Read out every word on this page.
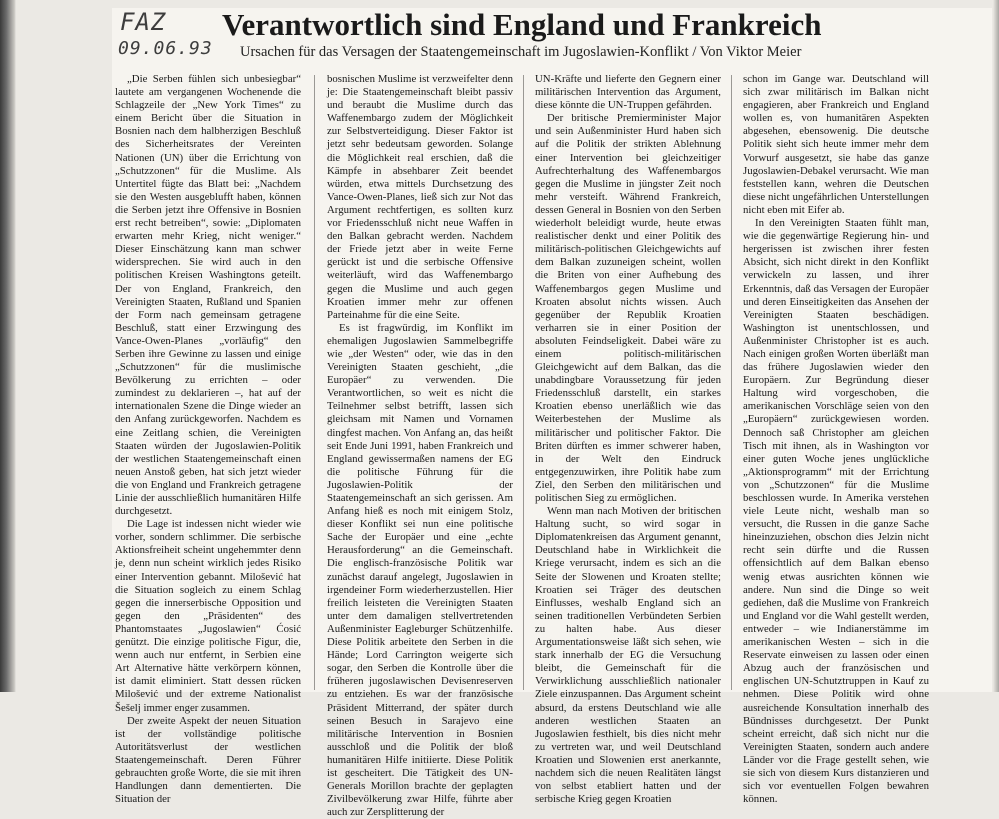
FAZ
09.06.93
Verantwortlich sind England und Frankreich
Ursachen für das Versagen der Staatengemeinschaft im Jugoslawien-Konflikt / Von Viktor Meier

„Die Serben fühlen sich unbesiegbar“ lautete am vergangenen Wochenende die Schlagzeile der „New York Times“ zu einem Bericht über die Situation in Bosnien nach dem halbherzigen Beschluß des Sicherheitsrates der Vereinten Nationen (UN) über die Errichtung von „Schutzzonen“ für die Muslime. Als Untertitel fügte das Blatt bei: „Nachdem sie den Westen ausgeblufft haben, können die Serben jetzt ihre Offensive in Bosnien erst recht betreiben“, sowie: „Diplomaten erwarten mehr Krieg, nicht weniger.“ Dieser Einschätzung kann man schwer widersprechen. Sie wird auch in den politischen Kreisen Washingtons geteilt. Der von England, Frankreich, den Vereinigten Staaten, Rußland und Spanien der Form nach gemeinsam getragene Beschluß, statt einer Erzwingung des Vance-Owen-Planes „vorläufig“ den Serben ihre Gewinne zu lassen und einige „Schutzzonen“ für die muslimische Bevölkerung zu errichten – oder zumindest zu deklarieren –, hat auf der internationalen Szene die Dinge wieder an den Anfang zurückgeworfen. Nachdem es eine Zeitlang schien, die Vereinigten Staaten würden der Jugoslawien-Politik der westlichen Staatengemeinschaft einen neuen Anstoß geben, hat sich jetzt wieder die von England und Frankreich getragene Linie der ausschließlich humanitären Hilfe durchgesetzt.

Die Lage ist indessen nicht wieder wie vorher, sondern schlimmer. Die serbische Aktionsfreiheit scheint ungehemmter denn je, denn nun scheint wirklich jedes Risiko einer Intervention gebannt. Milošević hat die Situation sogleich zu einem Schlag gegen die innerserbische Opposition und gegen den „Präsidenten“ des Phantomstaates „Jugoslawien“ Ćosić genützt. Die einzige politische Figur, die, wenn auch nur entfernt, in Serbien eine Art Alternative hätte verkörpern können, ist damit eliminiert. Statt dessen rücken Milošević und der extreme Nationalist Šešelj immer enger zusammen.

Der zweite Aspekt der neuen Situation ist der vollständige politische Autoritätsverlust der westlichen Staatengemeinschaft. Deren Führer gebrauchten große Worte, die sie mit ihren Handlungen dann dementierten. Die Situation der

bosnischen Muslime ist verzweifelter denn je: Die Staatengemeinschaft bleibt passiv und beraubt die Muslime durch das Waffenembargo zudem der Möglichkeit zur Selbstverteidigung. Dieser Faktor ist jetzt sehr bedeutsam geworden. Solange die Möglichkeit real erschien, daß die Kämpfe in absehbarer Zeit beendet würden, etwa mittels Durchsetzung des Vance-Owen-Planes, ließ sich zur Not das Argument rechtfertigen, es sollten kurz vor Friedensschluß nicht neue Waffen in den Balkan gebracht werden. Nachdem der Friede jetzt aber in weite Ferne gerückt ist und die serbische Offensive weiterläuft, wird das Waffenembargo gegen die Muslime und auch gegen Kroatien immer mehr zur offenen Parteinahme für die eine Seite.

Es ist fragwürdig, im Konflikt im ehemaligen Jugoslawien Sammelbegriffe wie „der Westen“ oder, wie das in den Vereinigten Staaten geschieht, „die Europäer“ zu verwenden. Die Verantwortlichen, so weit es nicht die Teilnehmer selbst betrifft, lassen sich gleichsam mit Namen und Vornamen dingfest machen. Von Anfang an, das heißt seit Ende Juni 1991, haben Frankreich und England gewissermaßen namens der EG die politische Führung für die Jugoslawien-Politik der Staatengemeinschaft an sich gerissen. Am Anfang hieß es noch mit einigem Stolz, dieser Konflikt sei nun eine politische Sache der Europäer und eine „echte Herausforderung“ an die Gemeinschaft. Die englisch-französische Politik war zunächst darauf angelegt, Jugoslawien in irgendeiner Form wiederherzustellen. Hier freilich leisteten die Vereinigten Staaten unter dem damaligen stellvertretenden Außenminister Eagleburger Schützenhilfe. Diese Politik arbeitete den Serben in die Hände; Lord Carrington weigerte sich sogar, den Serben die Kontrolle über die früheren jugoslawischen Devisenreserven zu entziehen. Es war der französische Präsident Mitterrand, der später durch seinen Besuch in Sarajevo eine militärische Intervention in Bosnien ausschloß und die Politik der bloß humanitären Hilfe initiierte. Diese Politik ist gescheitert. Die Tätigkeit des UN-Generals Morillon brachte der geplagten Zivilbevölkerung zwar Hilfe, führte aber auch zur Zersplitterung der

UN-Kräfte und lieferte den Gegnern einer militärischen Intervention das Argument, diese könnte die UN-Truppen gefährden.

Der britische Premierminister Major und sein Außenminister Hurd haben sich auf die Politik der strikten Ablehnung einer Intervention bei gleichzeitiger Aufrechterhaltung des Waffenembargos gegen die Muslime in jüngster Zeit noch mehr versteift. Während Frankreich, dessen General in Bosnien von den Serben wiederholt beleidigt wurde, heute etwas realistischer denkt und einer Politik des militärisch-politischen Gleichgewichts auf dem Balkan zuzuneigen scheint, wollen die Briten von einer Aufhebung des Waffenembargos gegen Muslime und Kroaten absolut nichts wissen. Auch gegenüber der Republik Kroatien verharren sie in einer Position der absoluten Feindseligkeit. Dabei wäre zu einem politisch-militärischen Gleichgewicht auf dem Balkan, das die unabdingbare Voraussetzung für jeden Friedensschluß darstellt, ein starkes Kroatien ebenso unerläßlich wie das Weiterbestehen der Muslime als militärischer und politischer Faktor. Die Briten dürften es immer schwerer haben, in der Welt den Eindruck entgegenzuwirken, ihre Politik habe zum Ziel, den Serben den militärischen und politischen Sieg zu ermöglichen.

Wenn man nach Motiven der britischen Haltung sucht, so wird sogar in Diplomatenkreisen das Argument genannt, Deutschland habe in Wirklichkeit die Kriege verursacht, indem es sich an die Seite der Slowenen und Kroaten stellte; Kroatien sei Träger des deutschen Einflusses, weshalb England sich an seinen traditionellen Verbündeten Serbien zu halten habe. Aus dieser Argumentationsweise läßt sich sehen, wie stark innerhalb der EG die Versuchung bleibt, die Gemeinschaft für die Verwirklichung ausschließlich nationaler Ziele einzuspannen. Das Argument scheint absurd, da erstens Deutschland wie alle anderen westlichen Staaten an Jugoslawien festhielt, bis dies nicht mehr zu vertreten war, und weil Deutschland Kroatien und Slowenien erst anerkannte, nachdem sich die neuen Realitäten längst von selbst etabliert hatten und der serbische Krieg gegen Kroatien

schon im Gange war. Deutschland will sich zwar militärisch im Balkan nicht engagieren, aber Frankreich und England wollen es, von humanitären Aspekten abgesehen, ebensowenig. Die deutsche Politik sieht sich heute immer mehr dem Vorwurf ausgesetzt, sie habe das ganze Jugoslawien-Debakel verursacht. Wie man feststellen kann, wehren die Deutschen diese nicht ungefährlichen Unterstellungen nicht eben mit Eifer ab.

In den Vereinigten Staaten fühlt man, wie die gegenwärtige Regierung hin- und hergerissen ist zwischen ihrer festen Absicht, sich nicht direkt in den Konflikt verwickeln zu lassen, und ihrer Erkenntnis, daß das Versagen der Europäer und deren Einseitigkeiten das Ansehen der Vereinigten Staaten beschädigen. Washington ist unentschlossen, und Außenminister Christopher ist es auch. Nach einigen großen Worten überläßt man das frühere Jugoslawien wieder den Europäern. Zur Begründung dieser Haltung wird vorgeschoben, die amerikanischen Vorschläge seien von den „Europäern“ zurückgewiesen worden. Dennoch saß Christopher am gleichen Tisch mit ihnen, als in Washington vor einer guten Woche jenes unglückliche „Aktionsprogramm“ mit der Errichtung von „Schutzzonen“ für die Muslime beschlossen wurde. In Amerika verstehen viele Leute nicht, weshalb man so versucht, die Russen in die ganze Sache hineinzuziehen, obschon dies Jelzin nicht recht sein dürfte und die Russen offensichtlich auf dem Balkan ebenso wenig etwas ausrichten können wie andere. Nun sind die Dinge so weit gediehen, daß die Muslime von Frankreich und England vor die Wahl gestellt werden, entweder – wie Indianerstämme im amerikanischen Westen – sich in die Reservate einweisen zu lassen oder einen Abzug auch der französischen und englischen UN-Schutztruppen in Kauf zu nehmen. Diese Politik wird ohne ausreichende Konsultation innerhalb des Bündnisses durchgesetzt. Der Punkt scheint erreicht, daß sich nicht nur die Vereinigten Staaten, sondern auch andere Länder vor die Frage gestellt sehen, wie sie sich von diesem Kurs distanzieren und sich vor eventuellen Folgen bewahren können.
